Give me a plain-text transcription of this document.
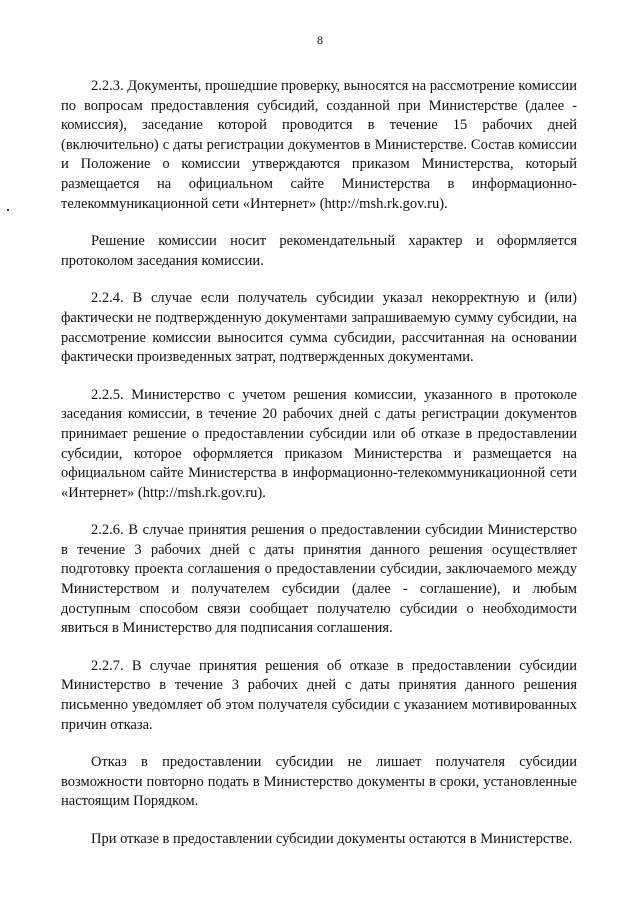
8

2.2.3. Документы, прошедшие проверку, выносятся на рассмотрение комиссии по вопросам предоставления субсидий, созданной при Министерстве (далее - комиссия), заседание которой проводится в течение 15 рабочих дней (включительно) с даты регистрации документов в Министерстве. Состав комиссии и Положение о комиссии утверждаются приказом Министерства, который размещается на официальном сайте Министерства в информационно-телекоммуникационной сети «Интернет» (http://msh.rk.gov.ru).

Решение комиссии носит рекомендательный характер и оформляется протоколом заседания комиссии.

2.2.4. В случае если получатель субсидии указал некорректную и (или) фактически не подтвержденную документами запрашиваемую сумму субсидии, на рассмотрение комиссии выносится сумма субсидии, рассчитанная на основании фактически произведенных затрат, подтвержденных документами.

2.2.5. Министерство с учетом решения комиссии, указанного в протоколе заседания комиссии, в течение 20 рабочих дней с даты регистрации документов принимает решение о предоставлении субсидии или об отказе в предоставлении субсидии, которое оформляется приказом Министерства и размещается на официальном сайте Министерства в информационно-телекоммуникационной сети «Интернет» (http://msh.rk.gov.ru).

2.2.6. В случае принятия решения о предоставлении субсидии Министерство в течение 3 рабочих дней с даты принятия данного решения осуществляет подготовку проекта соглашения о предоставлении субсидии, заключаемого между Министерством и получателем субсидии (далее - соглашение), и любым доступным способом связи сообщает получателю субсидии о необходимости явиться в Министерство для подписания соглашения.

2.2.7. В случае принятия решения об отказе в предоставлении субсидии Министерство в течение 3 рабочих дней с даты принятия данного решения письменно уведомляет об этом получателя субсидии с указанием мотивированных причин отказа.

Отказ в предоставлении субсидии не лишает получателя субсидии возможности повторно подать в Министерство документы в сроки, установленные настоящим Порядком.

При отказе в предоставлении субсидии документы остаются в Министерстве.
